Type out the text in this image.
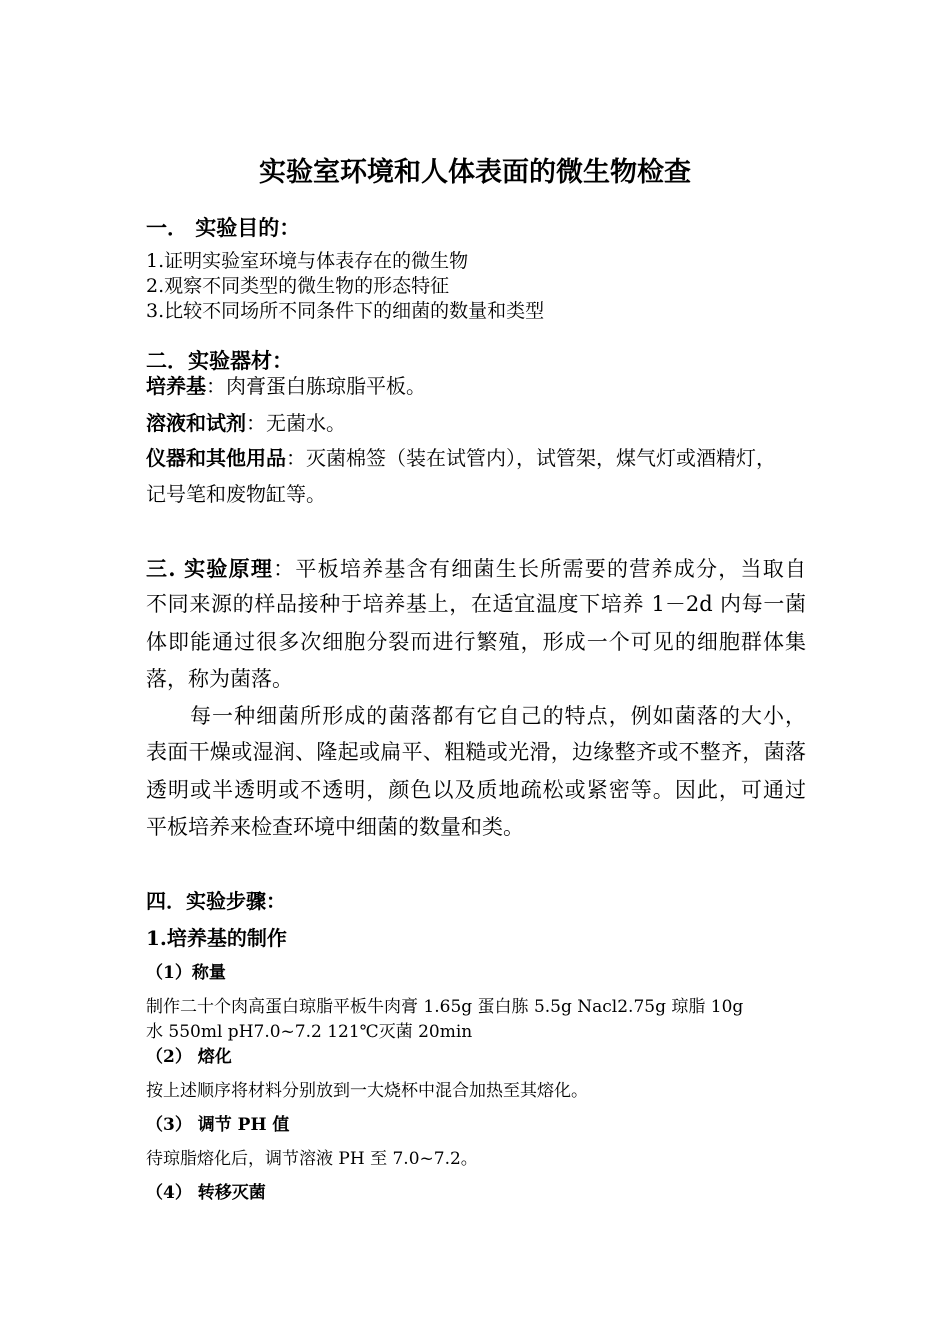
实验室环境和人体表面的微生物检查
一． 实验目的：
1.证明实验室环境与体表存在的微生物
2.观察不同类型的微生物的形态特征
3.比较不同场所不同条件下的细菌的数量和类型
二．实验器材：
培养基：肉膏蛋白胨琼脂平板。
溶液和试剂：无菌水。
仪器和其他用品：灭菌棉签（装在试管内），试管架，煤气灯或酒精灯，
记号笔和废物缸等。
三. 实验原理：平板培养基含有细菌生长所需要的营养成分，当取自
不同来源的样品接种于培养基上，在适宜温度下培养 1－2d 内每一菌
体即能通过很多次细胞分裂而进行繁殖，形成一个可见的细胞群体集
落，称为菌落。
每一种细菌所形成的菌落都有它自己的特点，例如菌落的大小，
表面干燥或湿润、隆起或扁平、粗糙或光滑，边缘整齐或不整齐，菌落
透明或半透明或不透明，颜色以及质地疏松或紧密等。因此，可通过
平板培养来检查环境中细菌的数量和类。
四．实验步骤：
1.培养基的制作
（1）称量
制作二十个肉高蛋白琼脂平板牛肉膏 1.65g 蛋白胨 5.5g Nacl2.75g 琼脂 10g
水 550ml pH7.0~7.2 121℃灭菌 20min
（2） 熔化
按上述顺序将材料分别放到一大烧杯中混合加热至其熔化。
（3） 调节 PH 值
待琼脂熔化后，调节溶液 PH 至 7.0~7.2。
（4） 转移灭菌
